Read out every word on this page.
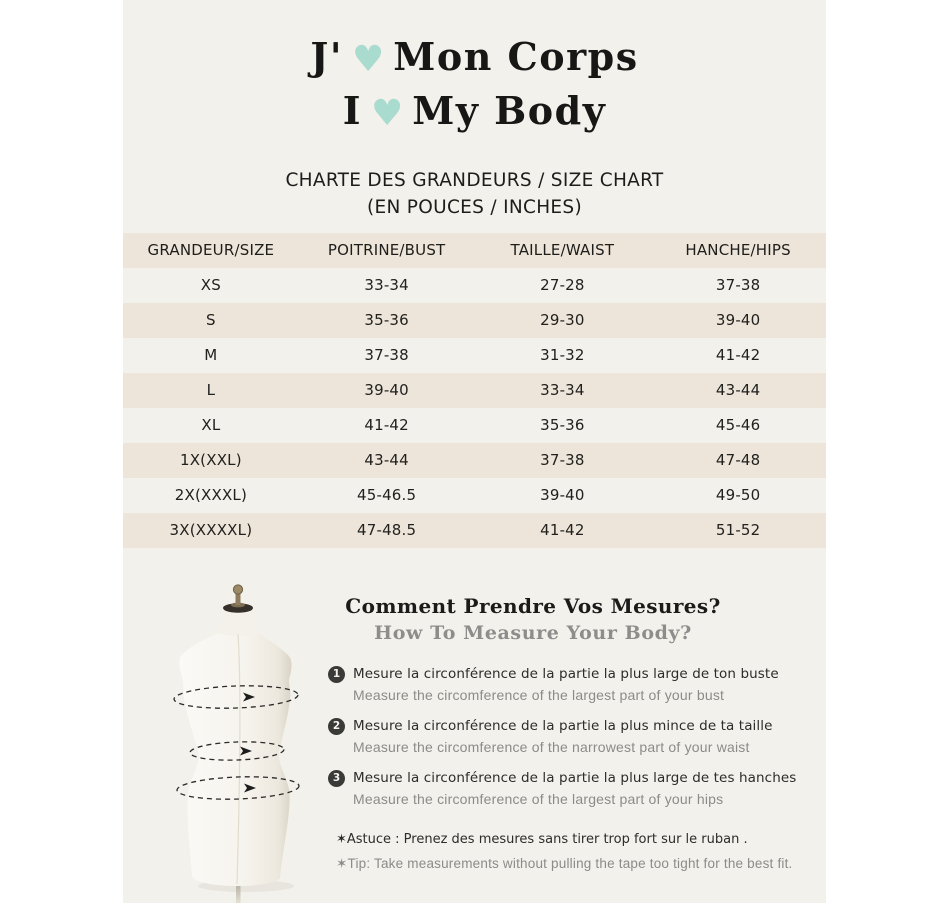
J' ♥ Mon Corps
I ♥ My Body
CHARTE DES GRANDEURS / SIZE CHART
(EN POUCES / INCHES)
GRANDEUR/SIZE	POITRINE/BUST	TAILLE/WAIST	HANCHE/HIPS
XS	33-34	27-28	37-38
S	35-36	29-30	39-40
M	37-38	31-32	41-42
L	39-40	33-34	43-44
XL	41-42	35-36	45-46
1X(XXL)	43-44	37-38	47-48
2X(XXXL)	45-46.5	39-40	49-50
3X(XXXXL)	47-48.5	41-42	51-52
Comment Prendre Vos Mesures?
How To Measure Your Body?
1 Mesure la circonférence de la partie la plus large de ton buste
Measure the circomference of the largest part of your bust
2 Mesure la circonférence de la partie la plus mince de ta taille
Measure the circomference of the narrowest part of your waist
3 Mesure la circonférence de la partie la plus large de tes hanches
Measure the circomference of the largest part of your hips
✶Astuce : Prenez des mesures sans tirer trop fort sur le ruban .
✶Tip: Take measurements without pulling the tape too tight for the best fit.
